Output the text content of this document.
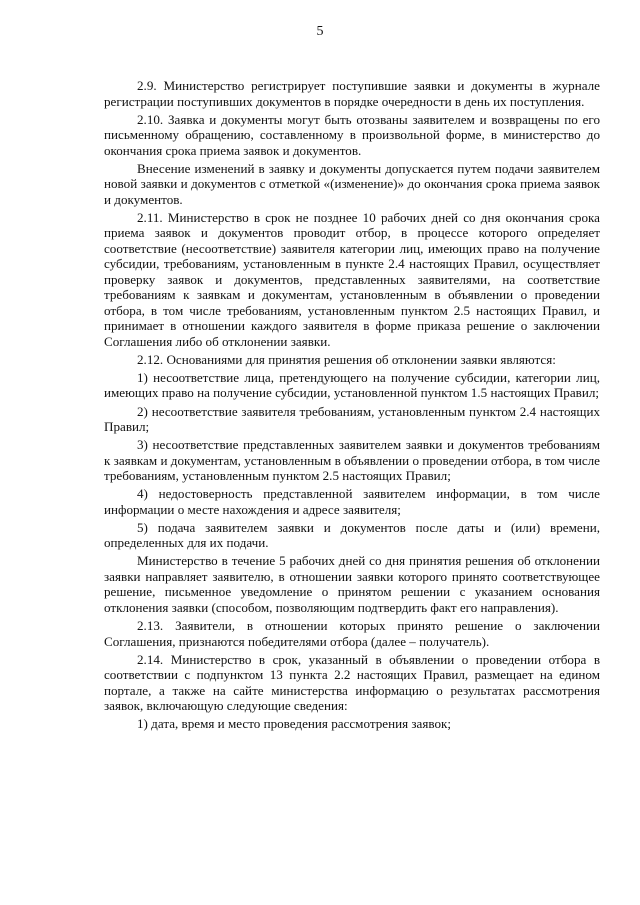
5

2.9. Министерство регистрирует поступившие заявки и документы в журнале регистрации поступивших документов в порядке очередности в день их поступления.

2.10. Заявка и документы могут быть отозваны заявителем и возвращены по его письменному обращению, составленному в произвольной форме, в министерство до окончания срока приема заявок и документов.

Внесение изменений в заявку и документы допускается путем подачи заявителем новой заявки и документов с отметкой «(изменение)» до окончания срока приема заявок и документов.

2.11. Министерство в срок не позднее 10 рабочих дней со дня окончания срока приема заявок и документов проводит отбор, в процессе которого определяет соответствие (несоответствие) заявителя категории лиц, имеющих право на получение субсидии, требованиям, установленным в пункте 2.4 настоящих Правил, осуществляет проверку заявок и документов, представленных заявителями, на соответствие требованиям к заявкам и документам, установленным в объявлении о проведении отбора, в том числе требованиям, установленным пунктом 2.5 настоящих Правил, и принимает в отношении каждого заявителя в форме приказа решение о заключении Соглашения либо об отклонении заявки.

2.12. Основаниями для принятия решения об отклонении заявки являются:

1) несоответствие лица, претендующего на получение субсидии, категории лиц, имеющих право на получение субсидии, установленной пунктом 1.5 настоящих Правил;

2) несоответствие заявителя требованиям, установленным пунктом 2.4 настоящих Правил;

3) несоответствие представленных заявителем заявки и документов требованиям к заявкам и документам, установленным в объявлении о проведении отбора, в том числе требованиям, установленным пунктом 2.5 настоящих Правил;

4) недостоверность представленной заявителем информации, в том числе информации о месте нахождения и адресе заявителя;

5) подача заявителем заявки и документов после даты и (или) времени, определенных для их подачи.

Министерство в течение 5 рабочих дней со дня принятия решения об отклонении заявки направляет заявителю, в отношении заявки которого принято соответствующее решение, письменное уведомление о принятом решении с указанием основания отклонения заявки (способом, позволяющим подтвердить факт его направления).

2.13. Заявители, в отношении которых принято решение о заключении Соглашения, признаются победителями отбора (далее – получатель).

2.14. Министерство в срок, указанный в объявлении о проведении отбора в соответствии с подпунктом 13 пункта 2.2 настоящих Правил, размещает на едином портале, а также на сайте министерства информацию о результатах рассмотрения заявок, включающую следующие сведения:

1) дата, время и место проведения рассмотрения заявок;
